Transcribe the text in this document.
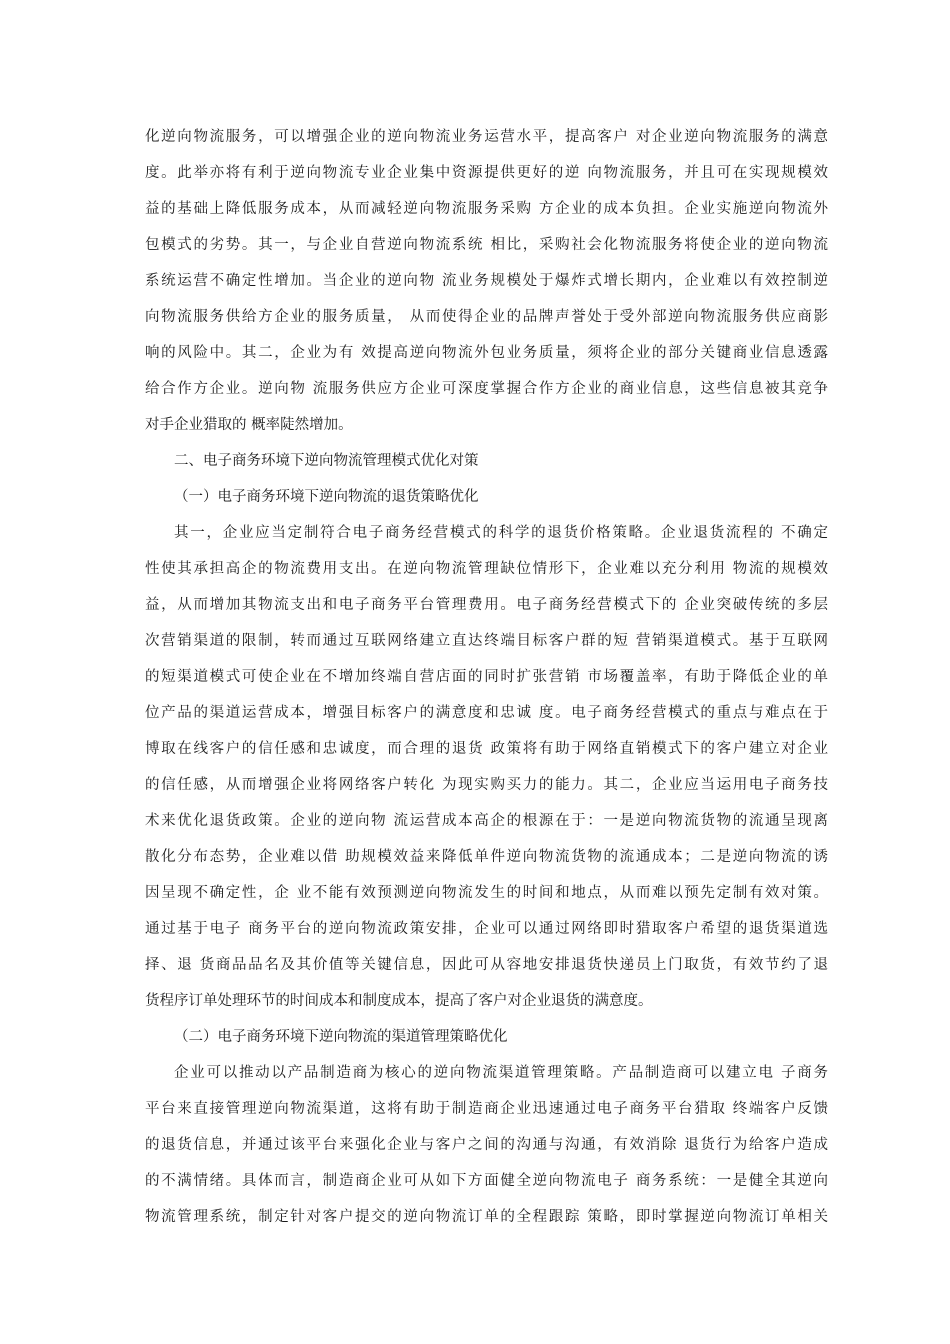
化逆向物流服务，可以增强企业的逆向物流业务运营水平，提高客户 对企业逆向物流服务的满意
度。此举亦将有利于逆向物流专业企业集中资源提供更好的逆 向物流服务，并且可在实现规模效
益的基础上降低服务成本，从而减轻逆向物流服务采购 方企业的成本负担。企业实施逆向物流外
包模式的劣势。其一，与企业自营逆向物流系统 相比，采购社会化物流服务将使企业的逆向物流
系统运营不确定性增加。当企业的逆向物 流业务规模处于爆炸式增长期内，企业难以有效控制逆
向物流服务供给方企业的服务质量， 从而使得企业的品牌声誉处于受外部逆向物流服务供应商影
响的风险中。其二，企业为有 效提高逆向物流外包业务质量，须将企业的部分关键商业信息透露
给合作方企业。逆向物 流服务供应方企业可深度掌握合作方企业的商业信息，这些信息被其竞争
对手企业猎取的 概率陡然增加。
二、电子商务环境下逆向物流管理模式优化对策
（一）电子商务环境下逆向物流的退货策略优化
其一，企业应当定制符合电子商务经营模式的科学的退货价格策略。企业退货流程的 不确定
性使其承担高企的物流费用支出。在逆向物流管理缺位情形下，企业难以充分利用 物流的规模效
益，从而增加其物流支出和电子商务平台管理费用。电子商务经营模式下的 企业突破传统的多层
次营销渠道的限制，转而通过互联网络建立直达终端目标客户群的短 营销渠道模式。基于互联网
的短渠道模式可使企业在不增加终端自营店面的同时扩张营销 市场覆盖率，有助于降低企业的单
位产品的渠道运营成本，增强目标客户的满意度和忠诚 度。电子商务经营模式的重点与难点在于
博取在线客户的信任感和忠诚度，而合理的退货 政策将有助于网络直销模式下的客户建立对企业
的信任感，从而增强企业将网络客户转化 为现实购买力的能力。其二，企业应当运用电子商务技
术来优化退货政策。企业的逆向物 流运营成本高企的根源在于：一是逆向物流货物的流通呈现离
散化分布态势，企业难以借 助规模效益来降低单件逆向物流货物的流通成本；二是逆向物流的诱
因呈现不确定性，企 业不能有效预测逆向物流发生的时间和地点，从而难以预先定制有效对策。
通过基于电子 商务平台的逆向物流政策安排，企业可以通过网络即时猎取客户希望的退货渠道选
择、退 货商品品名及其价值等关键信息，因此可从容地安排退货快递员上门取货，有效节约了退
货程序订单处理环节的时间成本和制度成本，提高了客户对企业退货的满意度。
（二）电子商务环境下逆向物流的渠道管理策略优化
企业可以推动以产品制造商为核心的逆向物流渠道管理策略。产品制造商可以建立电 子商务
平台来直接管理逆向物流渠道，这将有助于制造商企业迅速通过电子商务平台猎取 终端客户反馈
的退货信息，并通过该平台来强化企业与客户之间的沟通与沟通，有效消除 退货行为给客户造成
的不满情绪。具体而言，制造商企业可从如下方面健全逆向物流电子 商务系统：一是健全其逆向
物流管理系统，制定针对客户提交的逆向物流订单的全程跟踪 策略，即时掌握逆向物流订单相关
